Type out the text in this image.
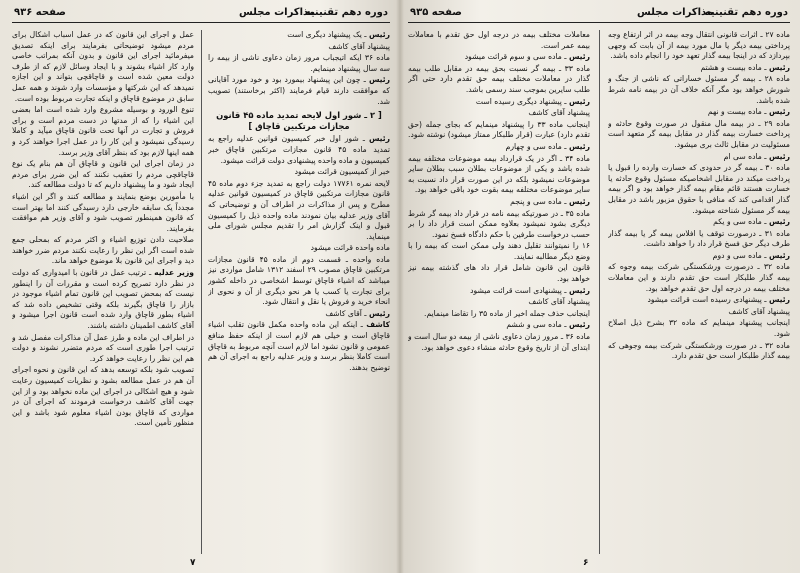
دوره دهم تقنینیه
مذاکرات مجلس
صفحه ۹۳۶

رئیس ـ یک پیشنهاد دیگری است

پیشنهاد آقای کاشف

ماده ۳۶ ایکه اتیجباب مرور زمان دعاوی ناشی از بیمه را سه سال پیشنهاد مینمایم.

رئیس ـ چون این پیشنهاد بیمورد بود و خود مورد آقایانی که موافقت دارند قیام فرمایند (اکثر برخاستند) تصویب شد.

[ ۲ ـ شور اول لایحه تمدید ماده ۴۵ قانون مجازات مرتکبین قاچاق ]

رئیس ـ شور اول خبر کمیسیون قوانین عدلیه راجع به تمدید ماده ۴۵ قانون مجازات مرتکبین قاچاق خبر کمیسیون و ماده واحده پیشنهادی دولت قرائت میشود.

خبر از کمیسیون قرائت میشود

لایحه نمره ۱۷۷۶۱ دولت راجع به تمدید جزء دوم ماده ۴۵ قانون مجازات مرتکبین قاچاق در کمیسیون قوانین عدلیه مطرح و پس از مذاکرات در اطراف آن و توضیحاتی که آقای وزیر عدلیه بیان نمودند ماده واحده ذیل را کمیسیون قبول و اینک گزارش امر را تقدیم مجلس شورای ملی مینماید.

ماده واحده قرائت میشود

ماده واحده ـ قسمت دوم از ماده ۴۵ قانون مجازات مرتکبین قاچاق مصوب ۲۹ اسفند ۱۳۱۲ شامل مواردی نیز میباشد که اشیاء قاچاق توسط اشخاصی در داخله کشور برای تجارت یا کسب یا هر نحو دیگری از آن و نحوی از انحاء خرید و فروش یا نقل و انتقال شود.

رئیس ـ آقای کاشف

کاشف ـ اینکه این ماده واحده مکمل قانون تقلب اشیاء قاچاق است و خیلی هم لازم است از اینکه حفظ منافع عمومی و قانون نشود اما لازم است آنچه مربوط به قاچاق است کاملا بنظر برسد و وزیر عدلیه راجع به اجرای آن هم توضیح بدهند.

عمل و اجرای این قانون که در عمل اسباب اشکال برای مردم میشود توضیحاتی بفرمایند برای اینکه تصدیق میفرمائید اجرای این قانون و بدون آنکه بمراتب خاصی وارد کار اشیاء بشوند و با ایجاد وسائل لازم که از طرف دولت معین شده است و قاچاقچی بتواند و این اجازه نمیدهد که این شرکتها و مؤسسات وارد شوند و همه عمل سابق در موضوع قاچاق و اینکه تجارت مربوط بوده است.

تنوع الورود و بوسیله مشروع وارد شده است اما بعضی این اشیاء را که از مدتها در دست مردم است و برای فروش و تجارت در آنها تحت قانون قاچاق میآید و کاملا رسیدگی نمیشود و این کار را در عمل اجرا خواهند کرد و همه اینها لازم بود که بنظر آقای وزیر برسد.

در زمان اجرای این قانون و قاچاق آن هم بنام یک نوع قاچاقچی مردم را تعقیب نکنند که این ضرر برای مردم ایجاد شود و ما پیشنهاد داریم که تا دولت مطالعه کند.

با مأمورین بوضع بنمایند و مطالعه کنند و اگر این اشیاء مجدداً یک سابقه خارجی دارد رسیدگی کنند اما بهتر است که قانون همینطور تصویب شود و آقای وزیر هم موافقت بفرمایند.

صلاحیت دادن توزیع اشیاء و اکثر مردم که بمحلی جمع شده است اگر این نظر را رعایت نکنند مردم ضرر خواهند دید و اجرای این قانون بلا موضوع خواهد ماند.

وزیر عدلیه ـ ترتیب عمل در قانون با امیدواری که دولت در نظر دارد تصریح کرده است و مقررات آن را اینطور نیست که بمحض تصویب این قانون تمام اشیاء موجود در بازار را قاچاق بگیرند بلکه وقتی تشخیص داده شد که اشیاء بطور قاچاق وارد شده است قانون اجرا میشود و آقای کاشف اطمینان داشته باشند.

در اطراف این ماده و طرز عمل آن مذاکرات مفصل شد و ترتیب اجرا طوری است که مردم متضرر نشوند و دولت هم این نظر را رعایت خواهد کرد.

تصویب شود بلکه توسعه بدهد که این قانون و نحوه اجرای آن هم در عمل مطالعه بشود و نظریات کمیسیون رعایت شود و هیچ اشکالی در اجرای این ماده نخواهد بود و از این جهت آقای کاشف درخواست فرمودند که اجرای آن در مواردی که قاچاق بودن اشیاء معلوم شود باشد و این منظور تأمین است.

۷
دوره دهم تقنینیه
مذاکرات مجلس
صفحه ۹۳۵

ماده ۲۷ ـ اثرات قانونی انتقال وجه بیمه در اثر ارتفاع وجه پرداختی بیمه دیگر یا مال مورد بیمه از آن بابت که وجهی بپردازد که در اینجا بیمه گذار تعهد خود را انجام داده باشد.

رئیس ـ ماده بیست و هشتم

ماده ۲۸ ـ بیمه گر مسئول خساراتی که ناشی از جنگ و شورش خواهد بود مگر آنکه خلاف آن در بیمه نامه شرط شده باشد.

رئیس ـ ماده بیست و نهم

ماده ۲۹ ـ در بیمه مال منقول در صورت وقوع حادثه و پرداخت خسارت بیمه گذار در مقابل بیمه گر متعهد است مسئولیت در مقابل ثالث بری میشود.

رئیس ـ ماده سی ام

ماده ۳۰ ـ بیمه گر در حدودی که خسارت وارده را قبول یا پرداخت میکند در مقابل اشخاصیکه مسئول وقوع حادثه یا خسارت هستند قائم مقام بیمه گذار خواهد بود و اگر بیمه گذار اقدامی کند که منافی با حقوق مزبور باشد در مقابل بیمه گر مسئول شناخته میشود.

رئیس ـ ماده سی و یکم

ماده ۳۱ ـ درصورت توقف یا افلاس بیمه گر یا بیمه گذار طرف دیگر حق فسخ قرار داد را خواهد داشت.

رئیس ـ ماده سی و دوم

ماده ۳۲ ـ درصورت ورشکستگی شرکت بیمه وجوه که بیمه گذار طلبکار است حق تقدم دارند و این معاملات مختلف بیمه در درجه اول حق تقدم خواهد بود.

رئیس ـ پیشنهادی رسیده است قرائت میشود

پیشنهاد آقای کاشف

اینجانب پیشنهاد مینمایم که ماده ۳۲ بشرح ذیل اصلاح شود.

ماده ۳۲ ـ در صورت ورشکستگی شرکت بیمه وجوهی که بیمه گذار طلبکار است حق تقدم دارد.

معاملات مختلف بیمه در درجه اول حق تقدم با معاملات بیمه عمر است.

رئیس ـ ماده سی و سوم قرائت میشود

ماده ۳۳ ـ بیمه گر نسبت بحق بیمه در مقابل طلب بیمه گذار در معاملات مختلف بیمه حق تقدم دارد حتی اگر طلب سایرین بموجب سند رسمی باشد.

رئیس ـ پیشنهاد دیگری رسیده است

پیشنهاد آقای کاشف

اینجانب ماده ۳۳ را پیشنهاد مینمایم که بجای جمله (حق تقدم دارد) عبارت (قرار طلبکار ممتاز میشود) نوشته شود.

رئیس ـ ماده سی و چهارم

ماده ۳۴ ـ اگر در یک قرارداد بیمه موضوعات مختلفه بیمه شده باشد و یکی از موضوعات بطلان سبب بطلان سایر موضوعات نمیشود بلکه در این صورت قرار داد نسبت به سایر موضوعات مختلفه بیمه بقوت خود باقی خواهد بود.

رئیس ـ ماده سی و پنجم

ماده ۳۵ ـ در صورتیکه بیمه نامه در قرار داد بیمه گر شرط دیگری بشود نمیشود بعلاوه ممکن است قرار داد را بر حسب درخواست طرفین با حکم دادگاه فسخ نمود.

۱۶ را نمیتوانند تقلیل دهند ولی ممکن است که بیمه را با وضع دیگر مطالبه نمایند.

قانون این قانون شامل قرار داد های گذشته بیمه نیز خواهد بود.

رئیس ـ پیشنهادی است قرائت میشود

پیشنهاد آقای کاشف

اینجانب حذف جمله اخیر از ماده ۳۵ را تقاضا مینمایم.

رئیس ـ ماده سی و ششم

ماده ۳۶ ـ مرور زمان دعاوی ناشی از بیمه دو سال است و ابتدای آن از تاریخ وقوع حادثه منشاء دعوی خواهد بود.

۶
